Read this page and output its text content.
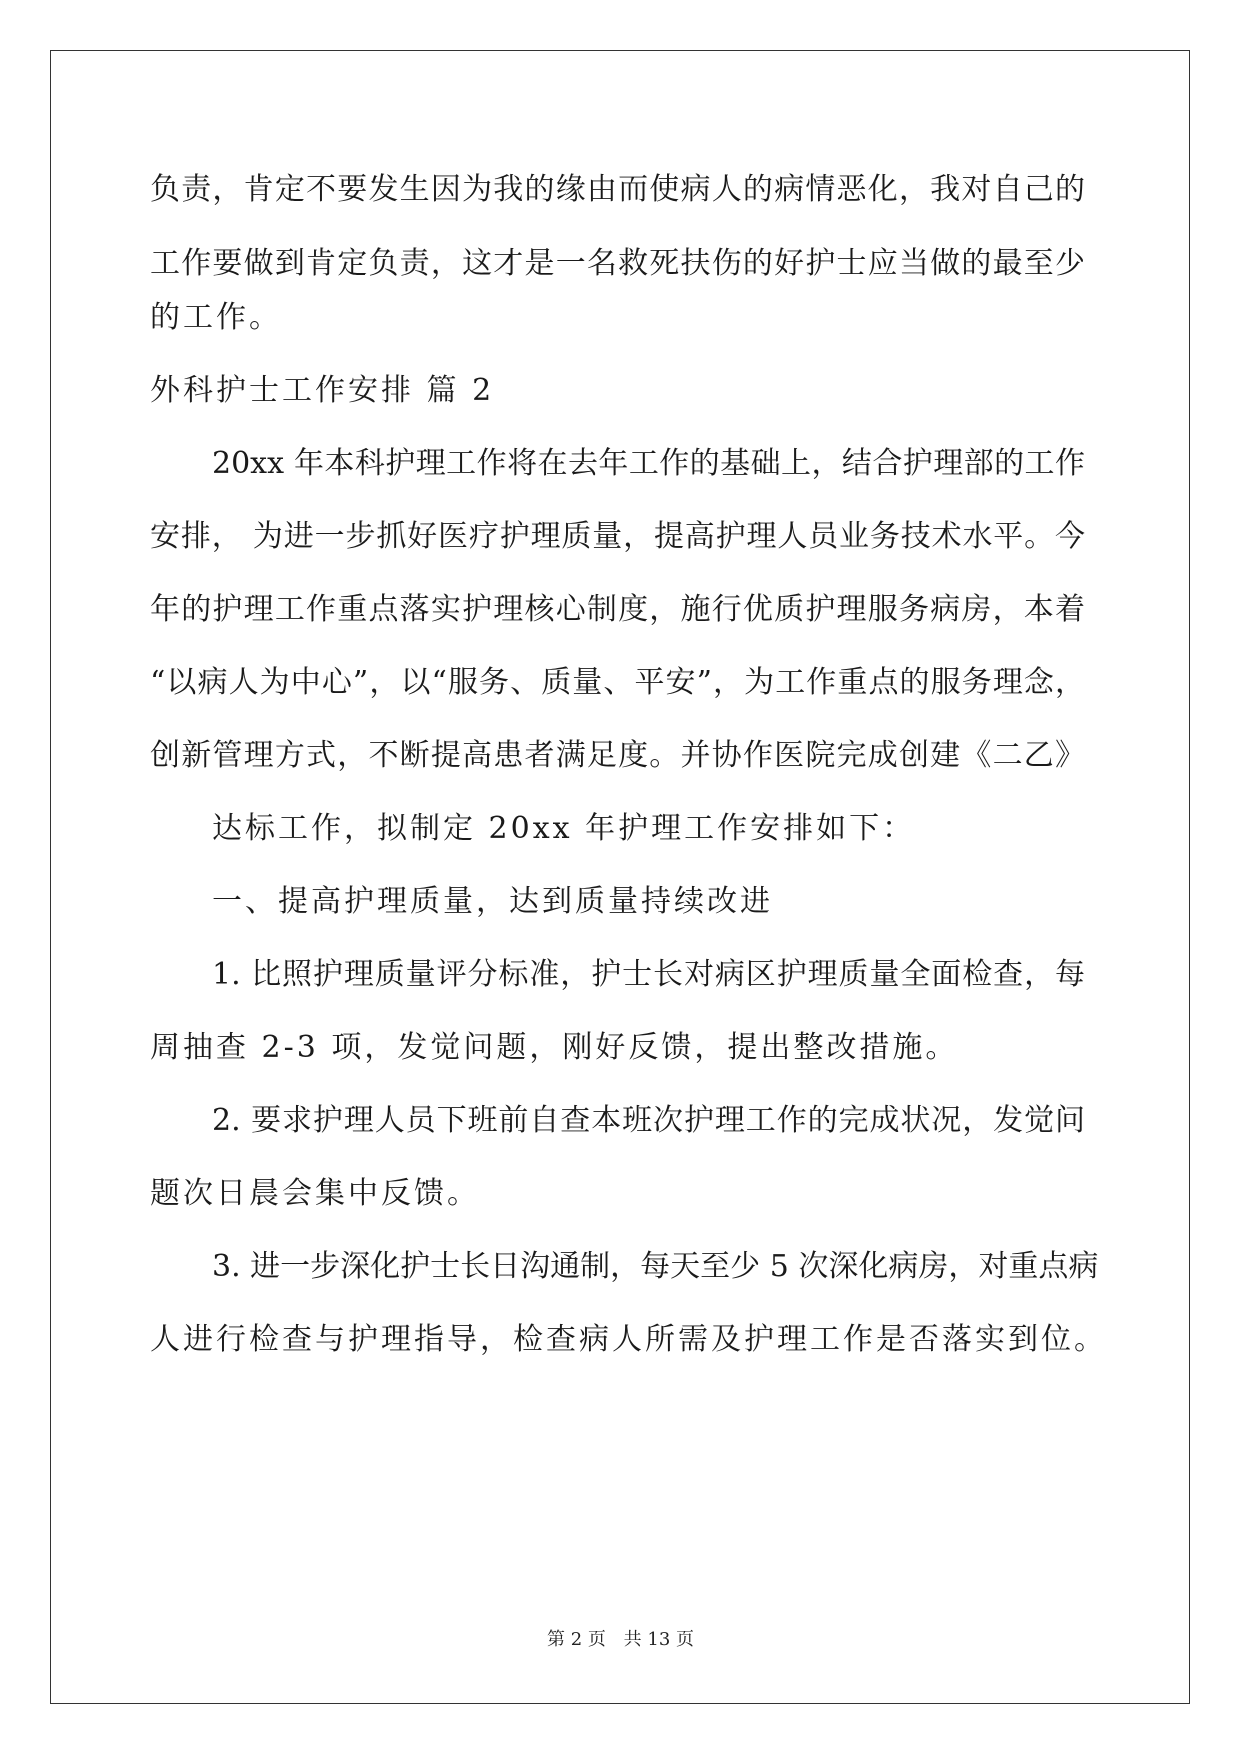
负责，肯定不要发生因为我的缘由而使病人的病情恶化，我对自己的
工作要做到肯定负责，这才是一名救死扶伤的好护士应当做的最至少
的工作。
外科护士工作安排 篇 2
20xx 年本科护理工作将在去年工作的基础上，结合护理部的工作
安排， 为进一步抓好医疗护理质量，提高护理人员业务技术水平。今
年的护理工作重点落实护理核心制度，施行优质护理服务病房，本着
“以病人为中心”，以“服务、质量、平安”，为工作重点的服务理念，
创新管理方式，不断提高患者满足度。并协作医院完成创建《二乙》
达标工作，拟制定 20xx 年护理工作安排如下：
一、提高护理质量，达到质量持续改进
1. 比照护理质量评分标准，护士长对病区护理质量全面检查，每
周抽查 2-3 项，发觉问题，刚好反馈，提出整改措施。
2. 要求护理人员下班前自查本班次护理工作的完成状况，发觉问
题次日晨会集中反馈。
3. 进一步深化护士长日沟通制，每天至少 5 次深化病房，对重点病
人进行检查与护理指导，检查病人所需及护理工作是否落实到位。
第 2 页 共 13 页
